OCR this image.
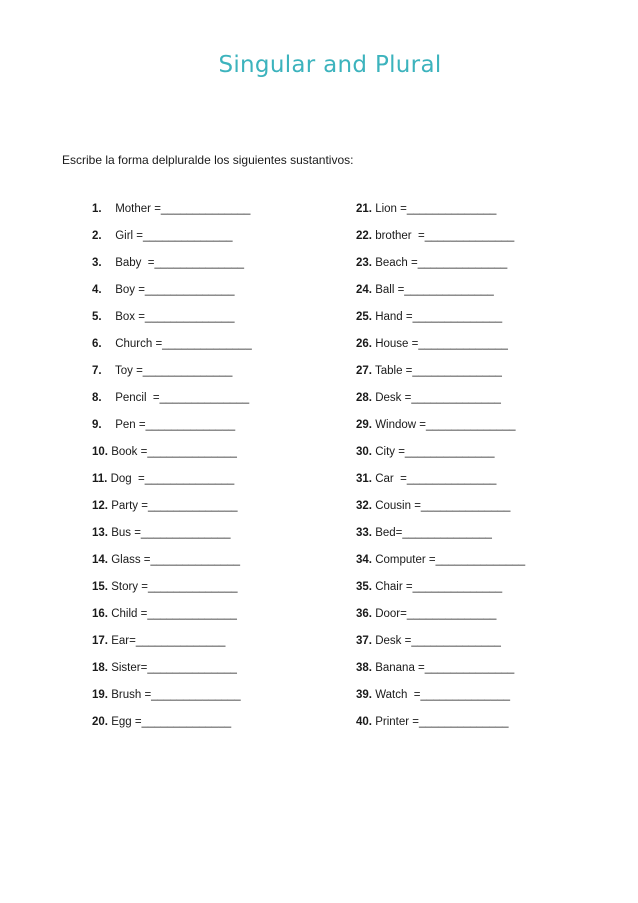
Singular and Plural
Escribe la forma delpluralde los siguientes sustantivos:
1. Mother =______________
2. Girl =______________
3. Baby  =______________
4. Boy =______________
5. Box =______________
6. Church =______________
7. Toy =______________
8. Pencil  =______________
9. Pen =______________
10. Book =______________
11. Dog  =______________
12. Party =______________
13. Bus =______________
14. Glass =______________
15. Story =______________
16. Child =______________
17. Ear=______________
18. Sister=______________
19. Brush =______________
20. Egg =______________
21. Lion =______________
22. brother  =______________
23. Beach =______________
24. Ball =______________
25. Hand =______________
26. House =______________
27. Table =______________
28. Desk =______________
29. Window =______________
30. City =______________
31. Car  =______________
32. Cousin =______________
33. Bed=______________
34. Computer =______________
35. Chair =______________
36. Door=______________
37. Desk =______________
38. Banana =______________
39. Watch  =______________
40. Printer =______________
